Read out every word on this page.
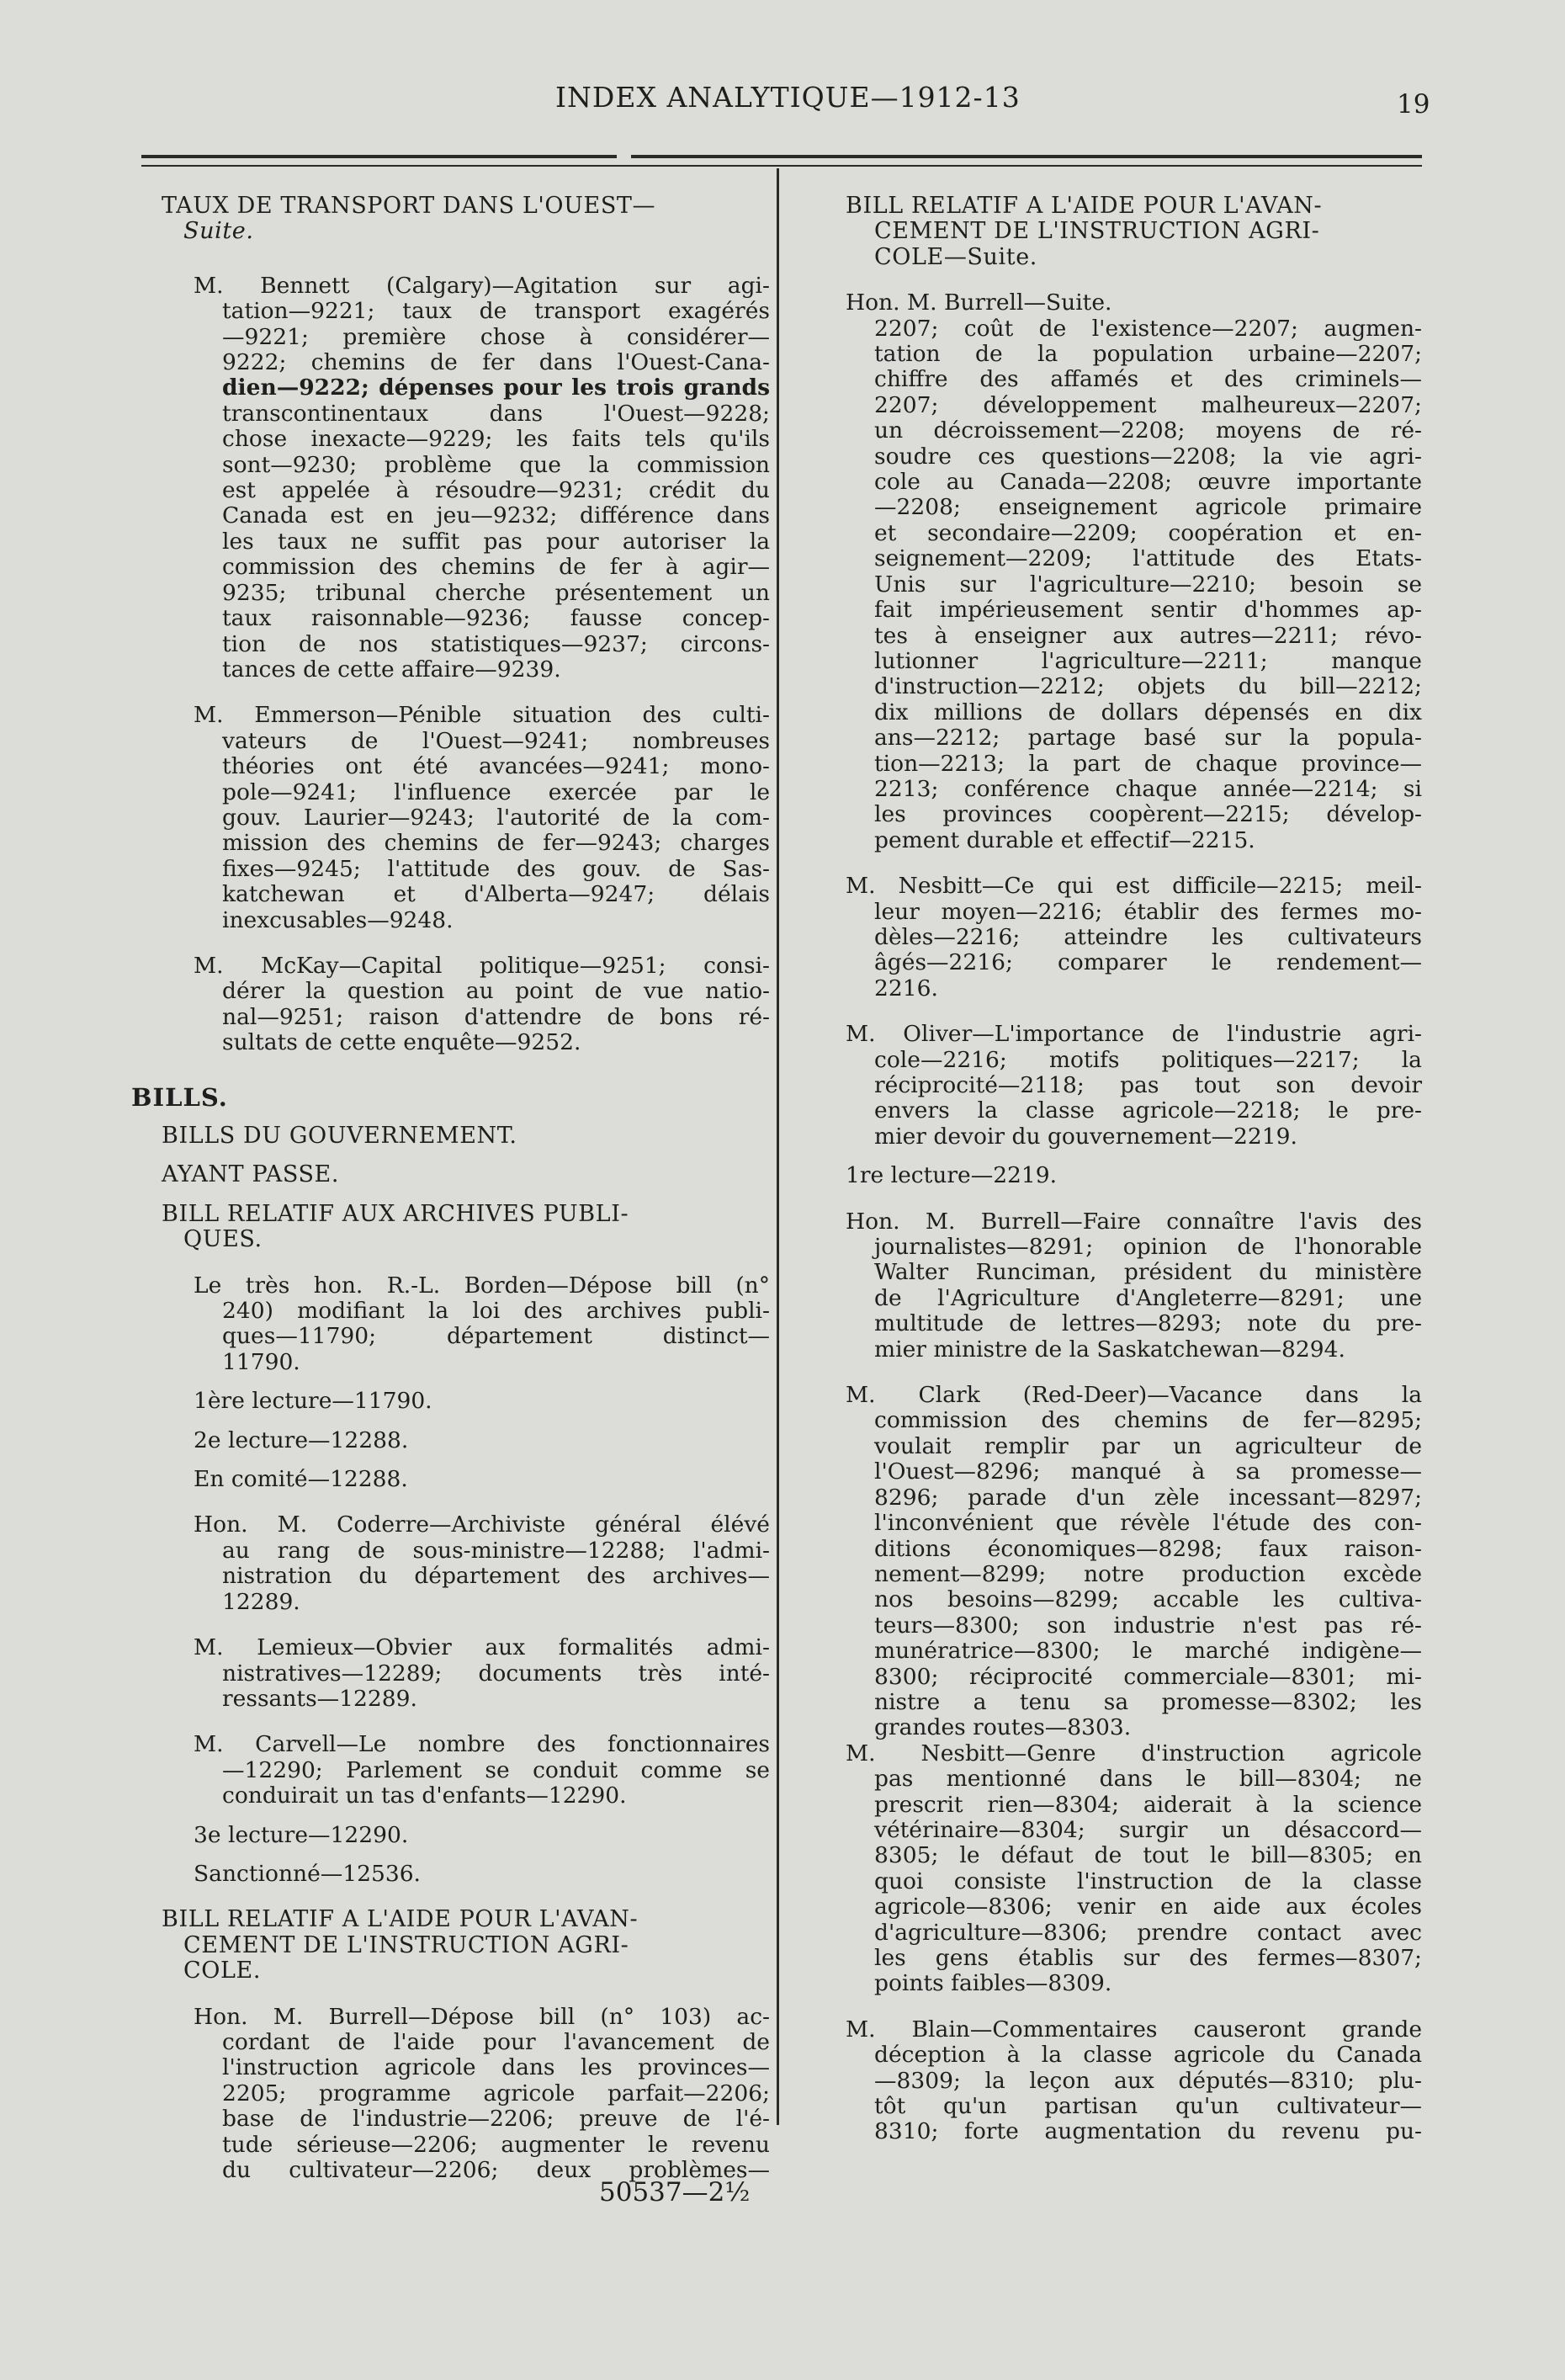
INDEX ANALYTIQUE—1912-13	19
TAUX DE TRANSPORT DANS L'OUEST—
Suite.
M. Bennett (Calgary)—Agitation sur agi-
tation—9221; taux de transport exagérés
—9221; première chose à considérer—
9222; chemins de fer dans l'Ouest-Cana-
dien—9222; dépenses pour les trois grands
transcontinentaux dans l'Ouest—9228;
chose inexacte—9229; les faits tels qu'ils
sont—9230; problème que la commission
est appelée à résoudre—9231; crédit du
Canada est en jeu—9232; différence dans
les taux ne suffit pas pour autoriser la
commission des chemins de fer à agir—
9235; tribunal cherche présentement un
taux raisonnable—9236; fausse concep-
tion de nos statistiques—9237; circons-
tances de cette affaire—9239.
M. Emmerson—Pénible situation des culti-
vateurs de l'Ouest—9241; nombreuses
théories ont été avancées—9241; mono-
pole—9241; l'influence exercée par le
gouv. Laurier—9243; l'autorité de la com-
mission des chemins de fer—9243; charges
fixes—9245; l'attitude des gouv. de Sas-
katchewan et d'Alberta—9247; délais
inexcusables—9248.
M. McKay—Capital politique—9251; consi-
dérer la question au point de vue natio-
nal—9251; raison d'attendre de bons ré-
sultats de cette enquête—9252.
BILLS.
BILLS DU GOUVERNEMENT.
AYANT PASSE.
BILL RELATIF AUX ARCHIVES PUBLI-
QUES.
Le très hon. R.-L. Borden—Dépose bill (n°
240) modifiant la loi des archives publi-
ques—11790; département distinct—
11790.
1ère lecture—11790.
2e lecture—12288.
En comité—12288.
Hon. M. Coderre—Archiviste général élévé
au rang de sous-ministre—12288; l'admi-
nistration du département des archives—
12289.
M. Lemieux—Obvier aux formalités admi-
nistratives—12289; documents très inté-
ressants—12289.
M. Carvell—Le nombre des fonctionnaires
—12290; Parlement se conduit comme se
conduirait un tas d'enfants—12290.
3e lecture—12290.
Sanctionné—12536.
BILL RELATIF A L'AIDE POUR L'AVAN-
CEMENT DE L'INSTRUCTION AGRI-
COLE.
Hon. M. Burrell—Dépose bill (n° 103) ac-
cordant de l'aide pour l'avancement de
l'instruction agricole dans les provinces—
2205; programme agricole parfait—2206;
base de l'industrie—2206; preuve de l'é-
tude sérieuse—2206; augmenter le revenu
du cultivateur—2206; deux problèmes—
BILL RELATIF A L'AIDE POUR L'AVAN-
CEMENT DE L'INSTRUCTION AGRI-
COLE—Suite.
Hon. M. Burrell—Suite.
2207; coût de l'existence—2207; augmen-
tation de la population urbaine—2207;
chiffre des affamés et des criminels—
2207; développement malheureux—2207;
un décroissement—2208; moyens de ré-
soudre ces questions—2208; la vie agri-
cole au Canada—2208; œuvre importante
—2208; enseignement agricole primaire
et secondaire—2209; coopération et en-
seignement—2209; l'attitude des Etats-
Unis sur l'agriculture—2210; besoin se
fait impérieusement sentir d'hommes ap-
tes à enseigner aux autres—2211; révo-
lutionner l'agriculture—2211; manque
d'instruction—2212; objets du bill—2212;
dix millions de dollars dépensés en dix
ans—2212; partage basé sur la popula-
tion—2213; la part de chaque province—
2213; conférence chaque année—2214; si
les provinces coopèrent—2215; dévelop-
pement durable et effectif—2215.
M. Nesbitt—Ce qui est difficile—2215; meil-
leur moyen—2216; établir des fermes mo-
dèles—2216; atteindre les cultivateurs
âgés—2216; comparer le rendement—
2216.
M. Oliver—L'importance de l'industrie agri-
cole—2216; motifs politiques—2217; la
réciprocité—2118; pas tout son devoir
envers la classe agricole—2218; le pre-
mier devoir du gouvernement—2219.
1re lecture—2219.
Hon. M. Burrell—Faire connaître l'avis des
journalistes—8291; opinion de l'honorable
Walter Runciman, président du ministère
de l'Agriculture d'Angleterre—8291; une
multitude de lettres—8293; note du pre-
mier ministre de la Saskatchewan—8294.
M. Clark (Red-Deer)—Vacance dans la
commission des chemins de fer—8295;
voulait remplir par un agriculteur de
l'Ouest—8296; manqué à sa promesse—
8296; parade d'un zèle incessant—8297;
l'inconvénient que révèle l'étude des con-
ditions économiques—8298; faux raison-
nement—8299; notre production excède
nos besoins—8299; accable les cultiva-
teurs—8300; son industrie n'est pas ré-
munératrice—8300; le marché indigène—
8300; réciprocité commerciale—8301; mi-
nistre a tenu sa promesse—8302; les
grandes routes—8303.
M. Nesbitt—Genre d'instruction agricole
pas mentionné dans le bill—8304; ne
prescrit rien—8304; aiderait à la science
vétérinaire—8304; surgir un désaccord—
8305; le défaut de tout le bill—8305; en
quoi consiste l'instruction de la classe
agricole—8306; venir en aide aux écoles
d'agriculture—8306; prendre contact avec
les gens établis sur des fermes—8307;
points faibles—8309.
M. Blain—Commentaires causeront grande
déception à la classe agricole du Canada
—8309; la leçon aux députés—8310; plu-
tôt qu'un partisan qu'un cultivateur—
8310; forte augmentation du revenu pu-
50537—2½
